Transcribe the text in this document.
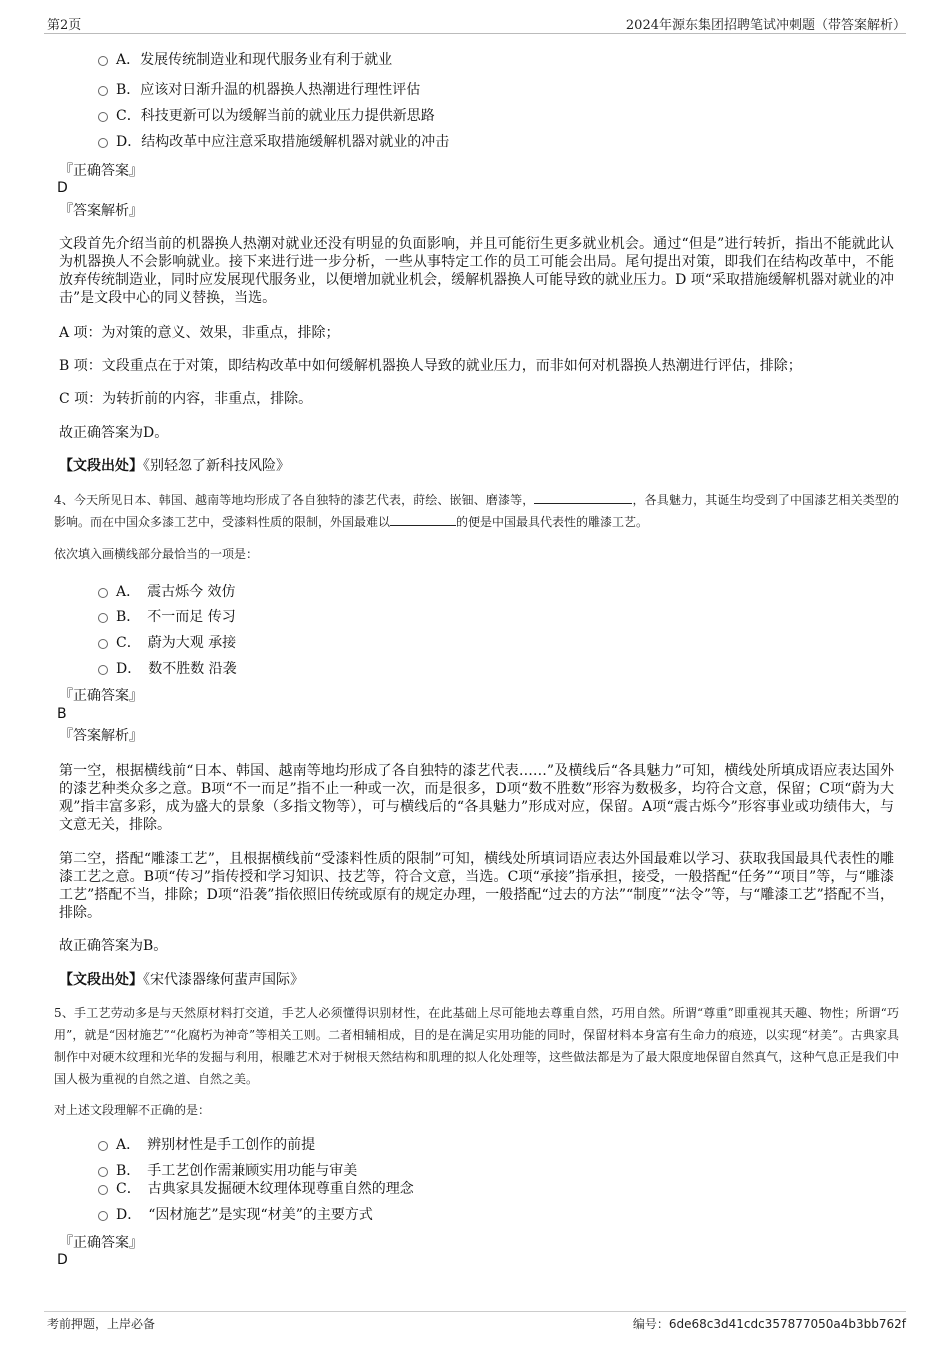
第2页	2024年源东集团招聘笔试冲刺题（带答案解析）
A．发展传统制造业和现代服务业有利于就业
B．应该对日渐升温的机器换人热潮进行理性评估
C．科技更新可以为缓解当前的就业压力提供新思路
D．结构改革中应注意采取措施缓解机器对就业的冲击
『正确答案』
D
『答案解析』
文段首先介绍当前的机器换人热潮对就业还没有明显的负面影响，并且可能衍生更多就业机会。通过“但是”进行转折，指出不能就此认为机器换人不会影响就业。接下来进行进一步分析，一些从事特定工作的员工可能会出局。尾句提出对策，即我们在结构改革中，不能放弃传统制造业，同时应发展现代服务业，以便增加就业机会，缓解机器换人可能导致的就业压力。D 项“采取措施缓解机器对就业的冲击”是文段中心的同义替换，当选。
A 项：为对策的意义、效果，非重点，排除；
B 项：文段重点在于对策，即结构改革中如何缓解机器换人导致的就业压力，而非如何对机器换人热潮进行评估，排除；
C 项：为转折前的内容，非重点，排除。
故正确答案为D。
【文段出处】《别轻忽了新科技风险》
4、今天所见日本、韩国、越南等地均形成了各自独特的漆艺代表，莳绘、嵌钿、磨漆等，	，各具魅力，其诞生均受到了中国漆艺相关类型的影响。而在中国众多漆工艺中，受漆料性质的限制，外国最难以	的便是中国最具代表性的雕漆工艺。
依次填入画横线部分最恰当的一项是：
A．　震古烁今 效仿
B．　不一而足 传习
C．　蔚为大观 承接
D．　数不胜数 沿袭
『正确答案』
B
『答案解析』
第一空，根据横线前“日本、韩国、越南等地均形成了各自独特的漆艺代表……”及横线后“各具魅力”可知，横线处所填成语应表达国外的漆艺种类众多之意。B项“不一而足”指不止一种或一次，而是很多，D项“数不胜数”形容为数极多，均符合文意，保留；C项“蔚为大观”指丰富多彩，成为盛大的景象（多指文物等），可与横线后的“各具魅力”形成对应，保留。A项“震古烁今”形容事业或功绩伟大，与文意无关，排除。
第二空，搭配“雕漆工艺”，且根据横线前“受漆料性质的限制”可知，横线处所填词语应表达外国最难以学习、获取我国最具代表性的雕漆工艺之意。B项“传习”指传授和学习知识、技艺等，符合文意，当选。C项“承接”指承担，接受，一般搭配“任务”“项目”等，与“雕漆工艺”搭配不当，排除；D项“沿袭”指依照旧传统或原有的规定办理，一般搭配“过去的方法”“制度”“法令”等，与“雕漆工艺”搭配不当，排除。
故正确答案为B。
【文段出处】《宋代漆器缘何蜚声国际》
5、手工艺劳动多是与天然原材料打交道，手艺人必须懂得识别材性，在此基础上尽可能地去尊重自然，巧用自然。所谓“尊重”即重视其天趣、物性；所谓“巧用”，就是“因材施艺”“化腐朽为神奇”等相关工则。二者相辅相成，目的是在满足实用功能的同时，保留材料本身富有生命力的痕迹，以实现“材美”。古典家具制作中对硬木纹理和光华的发掘与利用，根雕艺术对于树根天然结构和肌理的拟人化处理等，这些做法都是为了最大限度地保留自然真气，这种气息正是我们中国人极为重视的自然之道、自然之美。
对上述文段理解不正确的是：
A．　辨别材性是手工创作的前提
B．　手工艺创作需兼顾实用功能与审美
C．　古典家具发掘硬木纹理体现尊重自然的理念
D．　“因材施艺”是实现“材美”的主要方式
『正确答案』
D
考前押题，上岸必备	编号：6de68c3d41cdc357877050a4b3bb762f
